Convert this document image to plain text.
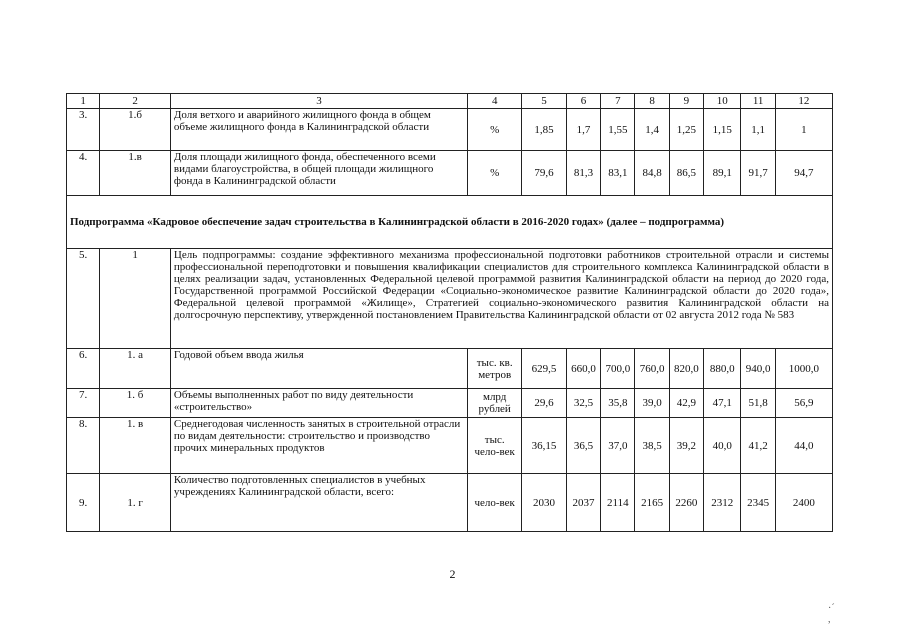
1	2	3	4	5	6	7	8	9	10	11	12
3.	1.б	Доля ветхого и аварийного жилищного фонда в общем объеме жилищного фонда в Калининградской области	%	1,85	1,7	1,55	1,4	1,25	1,15	1,1	1
4.	1.в	Доля площади жилищного фонда, обеспеченного всеми видами благоустройства, в общей площади жилищного фонда в Калининградской области	%	79,6	81,3	83,1	84,8	86,5	89,1	91,7	94,7
Подпрограмма «Кадровое обеспечение задач строительства в Калининградской области в 2016-2020 годах» (далее – подпрограмма)											
5.	1	Цель подпрограммы: создание эффективного механизма профессиональной подготовки работников строительной отрасли и системы профессиональной переподготовки и повышения квалификации специалистов для строительного комплекса Калининградской области в целях реализации задач, установленных Федеральной целевой программой развития Калининградской области на период до 2020 года, Государственной программой Российской Федерации «Социально-экономическое развитие Калининградской области до 2020 года», Федеральной целевой программой «Жилище», Стратегией социально-экономического развития Калининградской области на долгосрочную перспективу, утвержденной постановлением Правительства Калининградской области от 02 августа 2012 года № 583									
6.	1. а	Годовой объем ввода жилья	тыс. кв. метров	629,5	660,0	700,0	760,0	820,0	880,0	940,0	1000,0
7.	1. б	Объемы выполненных работ по виду деятельности «строительство»	млрд рублей	29,6	32,5	35,8	39,0	42,9	47,1	51,8	56,9
8.	1. в	Среднегодовая численность занятых в строительной отрасли по видам деятельности: строительство и производство прочих минеральных продуктов	тыс. чело-век	36,15	36,5	37,0	38,5	39,2	40,0	41,2	44,0
9.	1. г	Количество подготовленных специалистов в учебных учреждениях Калининградской области, всего:	чело-век	2030	2037	2114	2165	2260	2312	2345	2400
2
·´
,
